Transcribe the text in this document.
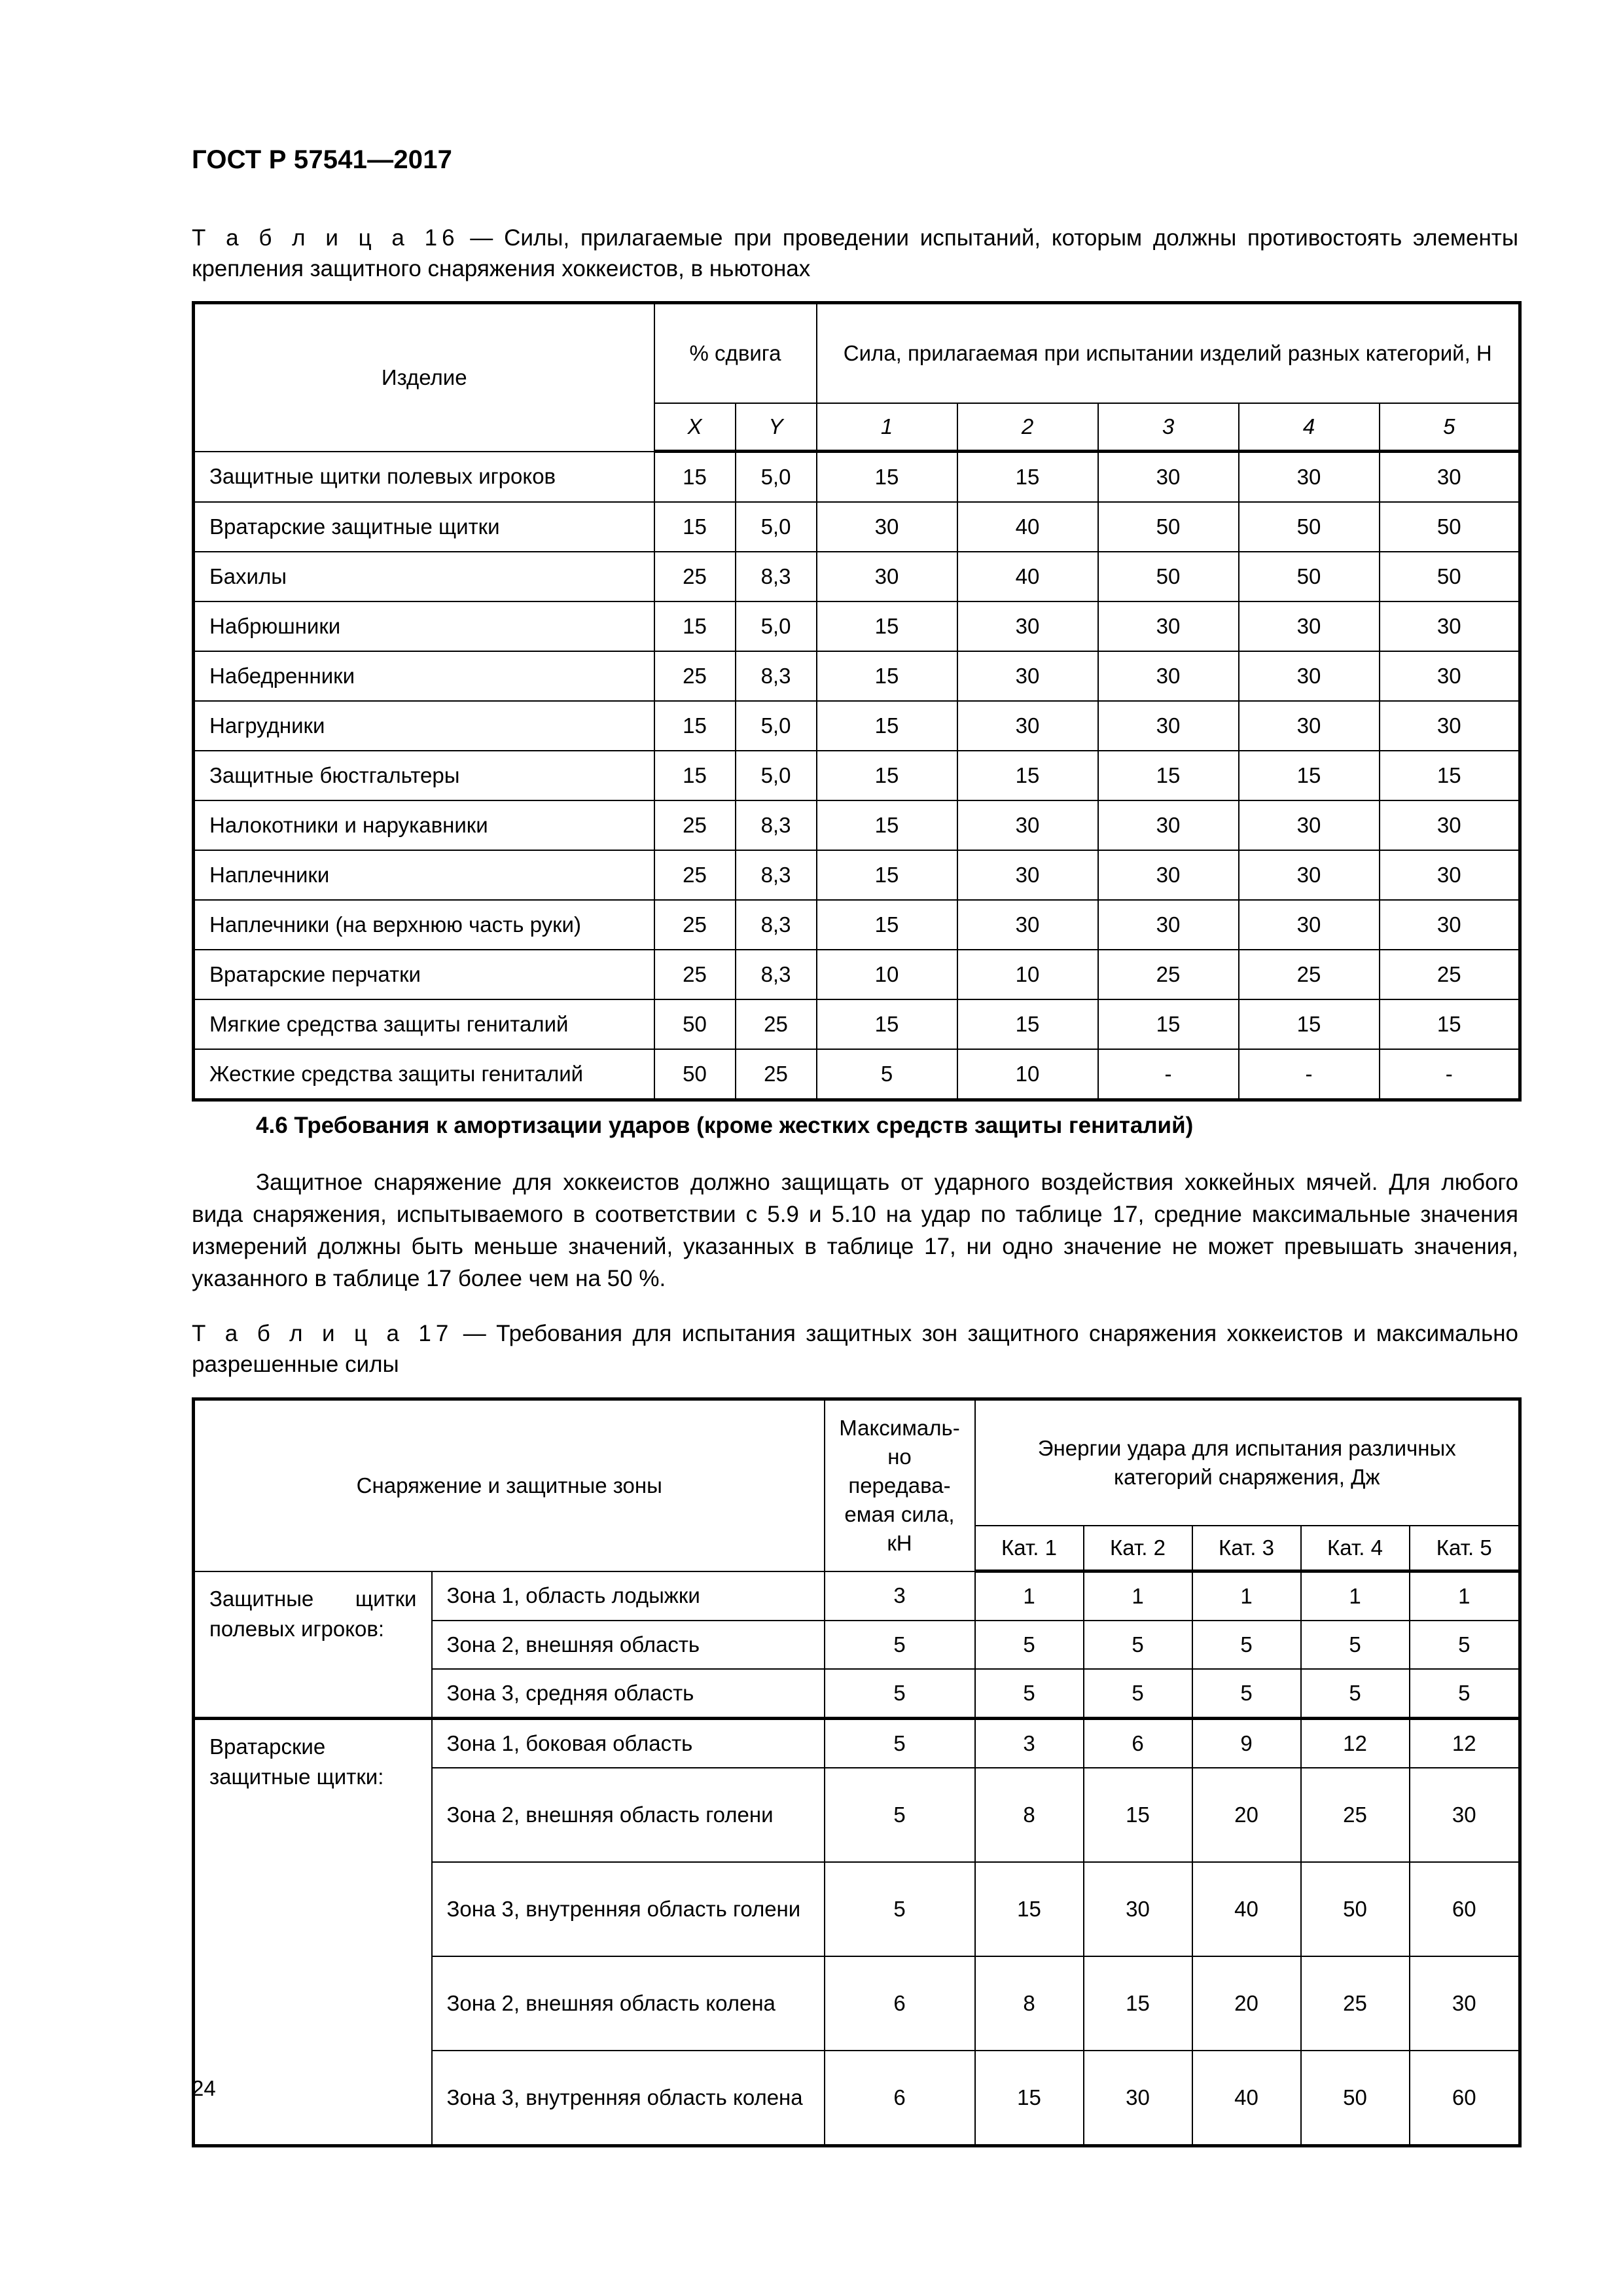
ГОСТ Р 57541—2017
Т а б л и ц а 16 — Силы, прилагаемые при проведении испытаний, которым должны противостоять элементы крепления защитного снаряжения хоккеистов, в ньютонах
Изделие	% сдвига		Сила, прилагаемая при испытании изделий разных категорий, Н				
	X	Y	1	2	3	4	5
Защитные щитки полевых игроков	15	5,0	15	15	30	30	30
Вратарские защитные щитки	15	5,0	30	40	50	50	50
Бахилы	25	8,3	30	40	50	50	50
Набрюшники	15	5,0	15	30	30	30	30
Набедренники	25	8,3	15	30	30	30	30
Нагрудники	15	5,0	15	30	30	30	30
Защитные бюстгальтеры	15	5,0	15	15	15	15	15
Налокотники и нарукавники	25	8,3	15	30	30	30	30
Наплечники	25	8,3	15	30	30	30	30
Наплечники (на верхнюю часть руки)	25	8,3	15	30	30	30	30
Вратарские перчатки	25	8,3	10	10	25	25	25
Мягкие средства защиты гениталий	50	25	15	15	15	15	15
Жесткие средства защиты гениталий	50	25	5	10	-	-	-
4.6 Требования к амортизации ударов (кроме жестких средств защиты гениталий)
Защитное снаряжение для хоккеистов должно защищать от ударного воздействия хоккейных мячей. Для любого вида снаряжения, испытываемого в соответствии с 5.9 и 5.10 на удар по таблице 17, средние максимальные значения измерений должны быть меньше значений, указанных в таблице 17, ни одно значение не может превышать значения, указанного в таблице 17 более чем на 50 %.
Т а б л и ц а 17 — Требования для испытания защитных зон защитного снаряжения хоккеистов и максимально разрешенные силы
Снаряжение и защитные зоны		Максималь-но передава-емая сила, кН	Энергии удара для испытания различных категорий снаряжения, Дж				
			Кат. 1	Кат. 2	Кат. 3	Кат. 4	Кат. 5
Защитные щитки полевых игроков:	Зона 1, область лодыжки	3	1	1	1	1	1
	Зона 2, внешняя область	5	5	5	5	5	5
	Зона 3, средняя область	5	5	5	5	5	5
Вратарские защитные щитки:	Зона 1, боковая область	5	3	6	9	12	12
	Зона 2, внешняя область голени	5	8	15	20	25	30
	Зона 3, внутренняя область голени	5	15	30	40	50	60
	Зона 2, внешняя область колена	6	8	15	20	25	30
	Зона 3, внутренняя область колена	6	15	30	40	50	60
24
